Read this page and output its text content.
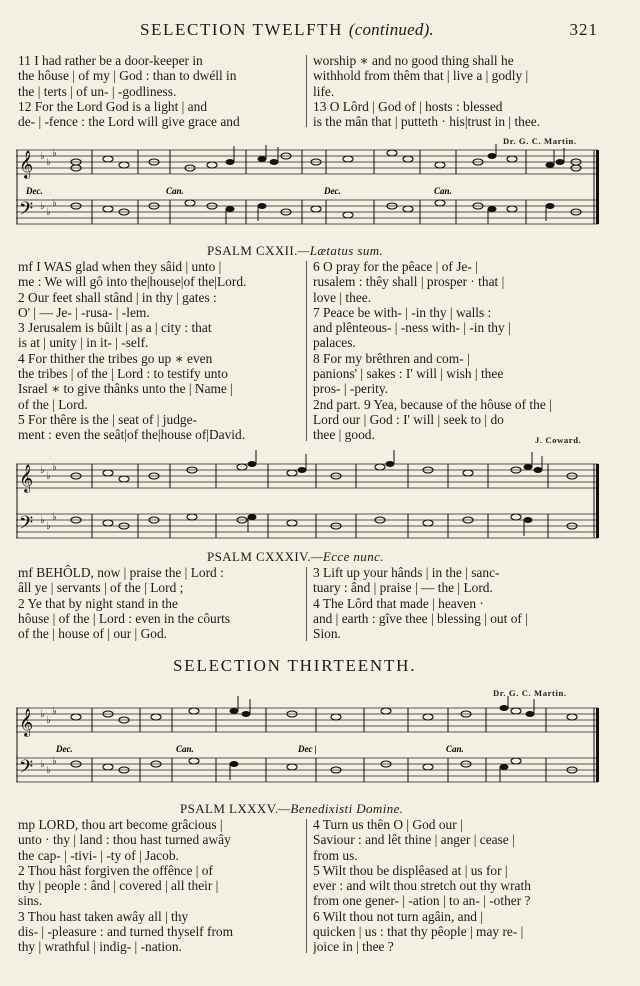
SELECTION TWELFTH (continued).	321
11 I had rather be a door-keeper in
the hôuse | of my | God : than to dwéll in
the | terts | of un- | -godliness.
12 For the Lord God is a light | and
de- | -fence : the Lord will give grace and
worship ∗ and no good thing shall he
withhold from thêm that | live a | godly |
life.
13 O Lôrd | God of | hosts : blessed
is the mân that | putteth · his|trust in | thee.
Dr. G. C. Martin.
𝄞
𝄢
♭
♭
♭
♭
♭
♭
Dec.	Can.	Dec.	Can.
PSALM CXXII.—Lætatus sum.
mf I WAS glad when they sâid | unto |
me : We will gô into the|house|of the|Lord.
2 Our feet shall stând | in thy | gates :
O' | — Je- | -rusa- | -lem.
3 Jerusalem is bûilt | as a | city : that
is at | unity | in it- | -self.
4 For thither the tribes go up ∗ even
the tribes | of the | Lord : to testify unto
Israel ∗ to give thânks unto the | Name |
of the | Lord.
5 For thêre is the | seat of | judge-
ment : even the seât|of the|house of|David.
6 O pray for the pêace | of Je- |
rusalem : thêy shall | prosper · that |
love | thee.
7 Peace be with- | -in thy | walls :
and plênteous- | -ness with- | -in thy |
palaces.
8 For my brêthren and com- |
panions' | sakes : I' will | wish | thee
pros- | -perity.
2nd part. 9 Yea, because of the hôuse of the |
Lord our | God : I' will | seek to | do
thee | good.	J. Coward.
𝄞
𝄢
♭
♭
♭
♭
♭
♭
PSALM CXXXIV.—Ecce nunc.
mf BEHÔLD, now | praise the | Lord :
âll ye | servants | of the | Lord ;
2 Ye that by night stand in the
hôuse | of the | Lord : even in the côurts
of the | house of | our | God.
3 Lift up your hânds | in the | sanc-
tuary : ând | praise | — the | Lord.
4 The Lôrd that made | heaven ·
and | earth : gîve thee | blessing | out of |
Sion.
SELECTION THIRTEENTH.
Dr. G. C. Martin.
𝄞
𝄢
♭
♭
♭
♭
♭
♭
Dec.	Can.	Dec |	Can.
PSALM LXXXV.—Benedixisti Domine.
mp LORD, thou art become grâcious |
unto · thy | land : thou hast turned awây
the cap- | -tivi- | -ty of | Jacob.
2 Thou hâst forgiven the offênce | of
thy | people : ând | covered | all their |
sins.
3 Thou hast taken awây all | thy
dis- | -pleasure : and turned thyself from
thy | wrathful | indig- | -nation.
4 Turn us thên O | God our |
Saviour : and lêt thine | anger | cease |
from us.
5 Wilt thou be displêased at | us for |
ever : and wilt thou stretch out thy wrath
from one gener- | -ation | to an- | -other ?
6 Wilt thou not turn agâin, and |
quicken | us : that thy pêople | may re- |
joice in | thee ?
